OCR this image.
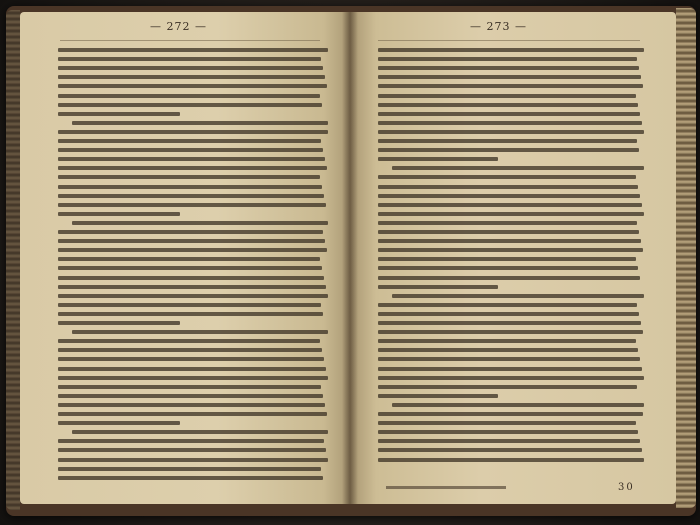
— 272 —	— 273 —
30
